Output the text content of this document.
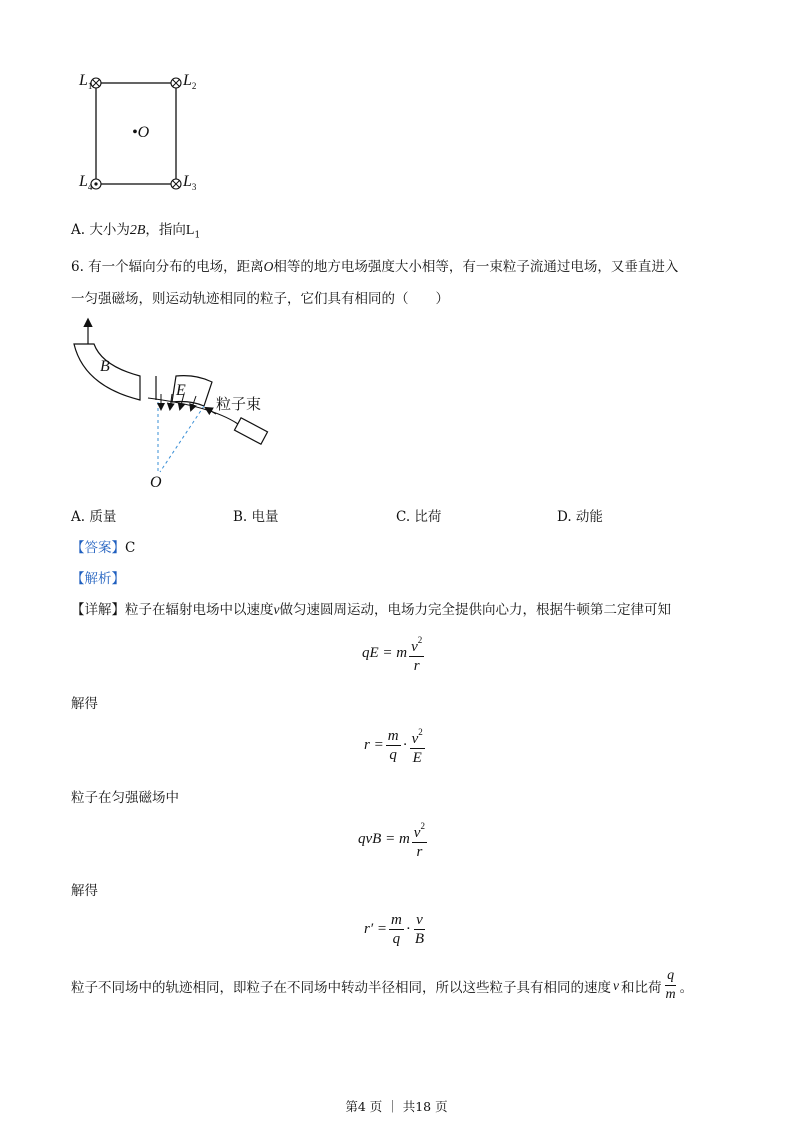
$L_1$	$L_2$
$L_3$
$L_4$
•O
A. 大小为2B，指向$L_1$
6. 有一个辐向分布的电场，距离O相等的地方电场强度大小相等，有一束粒子流通过电场，又垂直进入
一匀强磁场，则运动轨迹相同的粒子，它们具有相同的（　　）
B
E
粒子束
O
A. 质量	B. 电量	C. 比荷	D. 动能
【答案】C
【解析】
【详解】粒子在辐射电场中以速度v做匀速圆周运动，电场力完全提供向心力，根据牛顿第二定律可知
qE = m $\frac{v^2}{r}$
解得
$r = \frac{m}{q} \cdot \frac{v^2}{E}$
粒子在匀强磁场中
qvB = m $\frac{v^2}{r}$
解得
$r' = \frac{m}{q} \cdot \frac{v}{B}$
粒子不同场中的轨迹相同，即粒子在不同场中转动半径相同，所以这些粒子具有相同的速度 v 和比荷 $\frac{q}{m}$ 。
第4 页 ｜ 共18 页
